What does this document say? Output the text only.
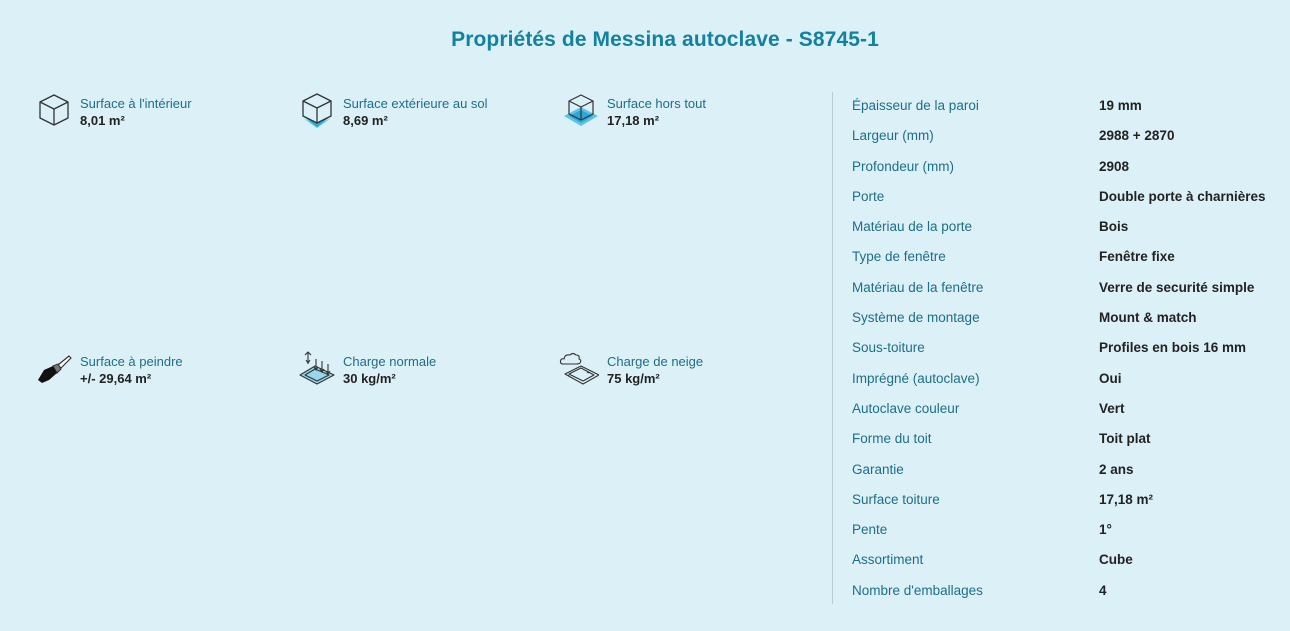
Propriétés de Messina autoclave - S8745-1
Surface à l'intérieur
8,01 m²
Surface extérieure au sol
8,69 m²
Surface hors tout
17,18 m²
Surface à peindre
+/- 29,64 m²
Charge normale
30 kg/m²
Charge de neige
75 kg/m²
Épaisseur de la paroi	19 mm
Largeur (mm)	2988 + 2870
Profondeur (mm)	2908
Porte	Double porte à charnières
Matériau de la porte	Bois
Type de fenêtre	Fenêtre fixe
Matériau de la fenêtre	Verre de securité simple
Système de montage	Mount & match
Sous-toiture	Profiles en bois 16 mm
Imprégné (autoclave)	Oui
Autoclave couleur	Vert
Forme du toit	Toit plat
Garantie	2 ans
Surface toiture	17,18 m²
Pente	1°
Assortiment	Cube
Nombre d'emballages	4
